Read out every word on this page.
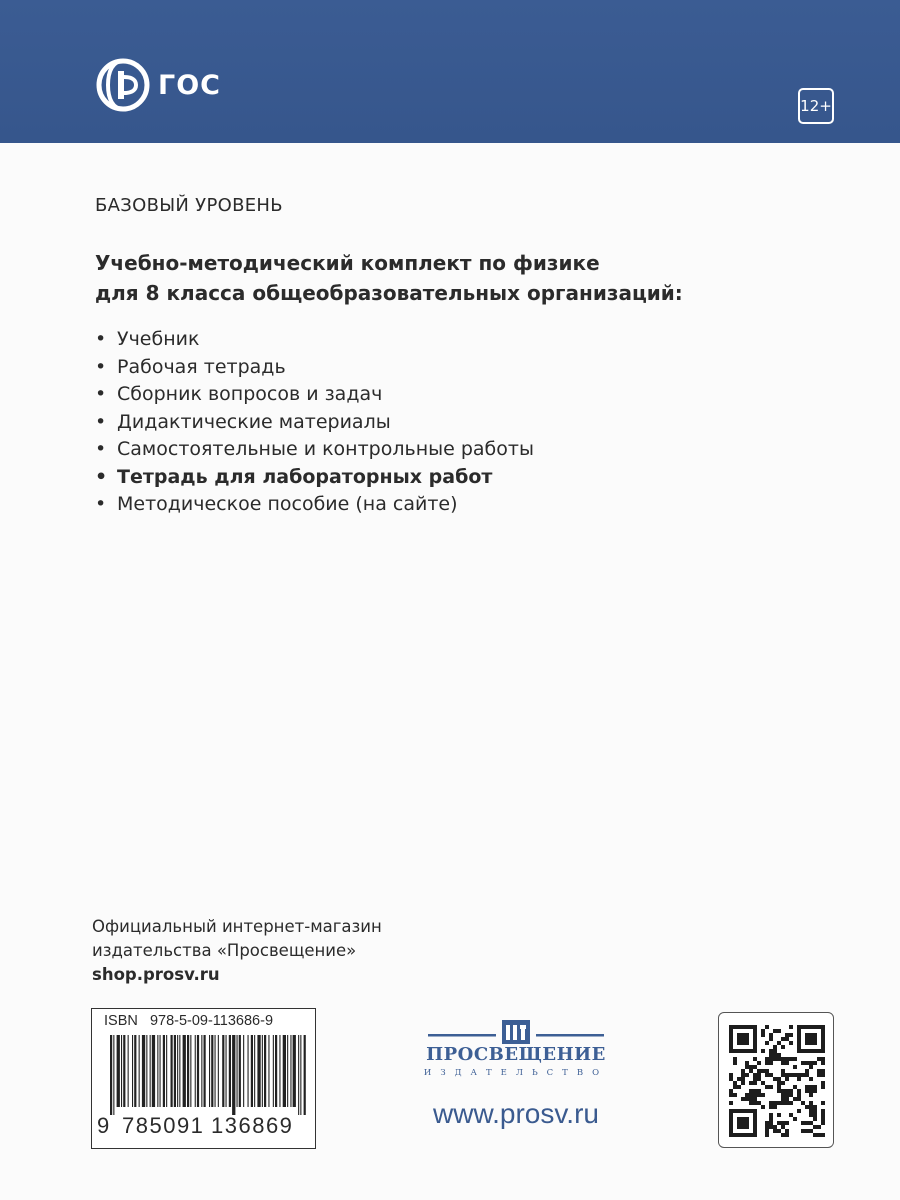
ГОС
12+
БАЗОВЫЙ УРОВЕНЬ
Учебно-методический комплект по физике
для 8 класса общеобразовательных организаций:
• Учебник
• Рабочая тетрадь
• Сборник вопросов и задач
• Дидактические материалы
• Самостоятельные и контрольные работы
• Тетрадь для лабораторных работ
• Методическое пособие (на сайте)
Официальный интернет-магазин
издательства «Просвещение»
shop.prosv.ru
ISBN 978-5-09-113686-9
9 785091 136869
ПРОСВЕЩЕНИЕ
ИЗДАТЕЛЬСТВО
www.prosv.ru
